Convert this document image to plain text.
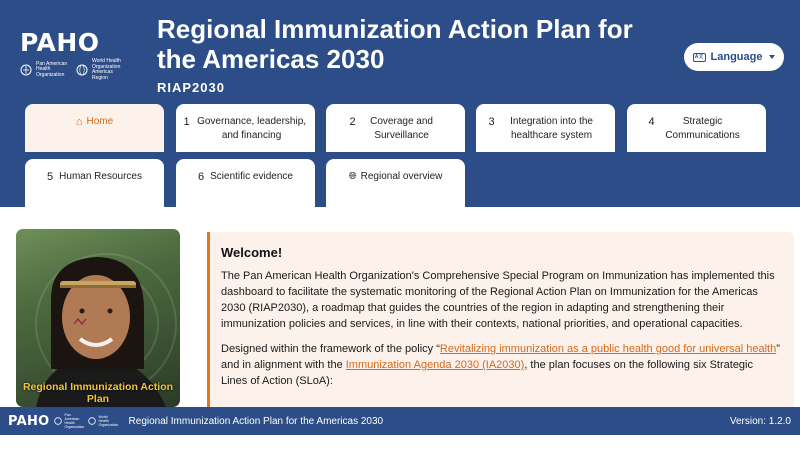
PAHO
Pan American Health Organization
World Health Organization
Americas Region
Regional Immunization Action Plan for the Americas 2030
RIAP2030
A文 Language
⌂ Home	1 Governance, leadership, and financing
2	Coverage and Surveillance
3	Integration into the healthcare system
4	Strategic Communications
5 Human Resources	6 Scientific evidence	🌐︎ Regional overview
Regional Immunization Action Plan
Welcome!

The Pan American Health Organization's Comprehensive Special Program on Immunization has implemented this dashboard to facilitate the systematic monitoring of the Regional Action Plan on Immunization for the Americas 2030 (RIAP2030), a roadmap that guides the countries of the region in adapting and strengthening their immunization policies and services, in line with their contexts, national priorities, and operational capacities.

Designed within the framework of the policy “Revitalizing immunization as a public health good for universal health” and in alignment with the Immunization Agenda 2030 (IA2030), the plan focuses on the following six Strategic Lines of Action (SLoA):

PAHO	Pan American Health Organization
World Health Organization Regional Immunization Action Plan for the Americas 2030	Version: 1.2.0
